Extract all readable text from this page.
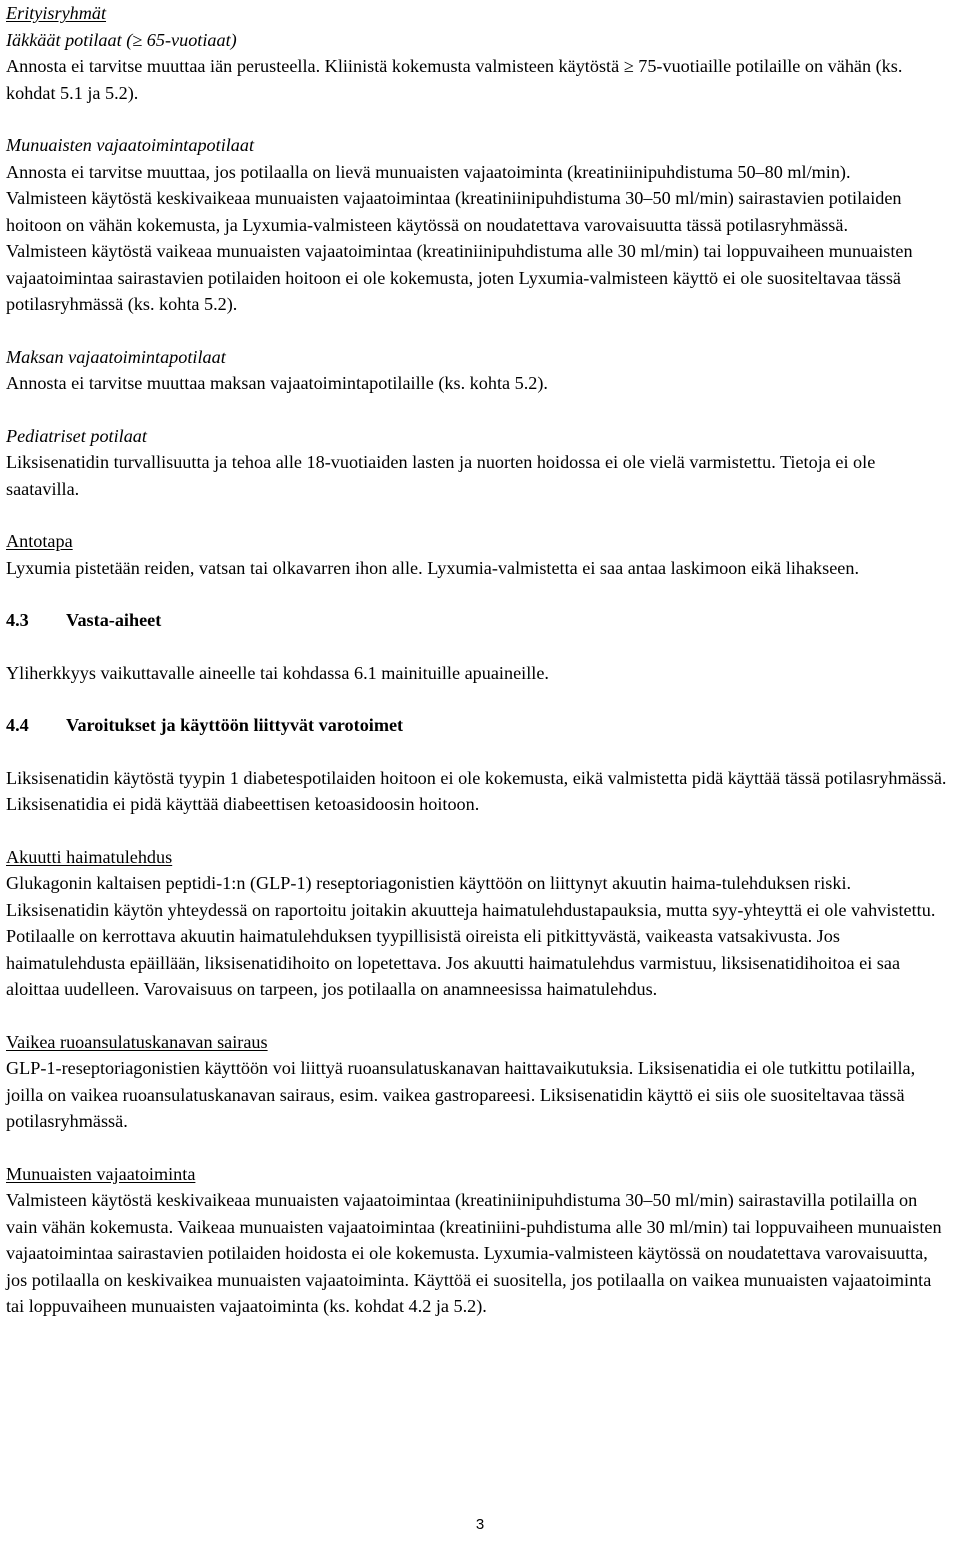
Erityisryhmät

Iäkkäät potilaat (≥ 65-vuotiaat)

Annosta ei tarvitse muuttaa iän perusteella. Kliinistä kokemusta valmisteen käytöstä ≥ 75-vuotiaille potilaille on vähän (ks. kohdat 5.1 ja 5.2).

Munuaisten vajaatoimintapotilaat

Annosta ei tarvitse muuttaa, jos potilaalla on lievä munuaisten vajaatoiminta (kreatiniinipuhdistuma 50‒80 ml/min).

Valmisteen käytöstä keskivaikeaa munuaisten vajaatoimintaa (kreatiniinipuhdistuma 30‒50 ml/min) sairastavien potilaiden hoitoon on vähän kokemusta, ja Lyxumia-valmisteen käytössä on noudatettava varovaisuutta tässä potilasryhmässä.

Valmisteen käytöstä vaikeaa munuaisten vajaatoimintaa (kreatiniinipuhdistuma alle 30 ml/min) tai loppuvaiheen munuaisten vajaatoimintaa sairastavien potilaiden hoitoon ei ole kokemusta, joten Lyxumia-valmisteen käyttö ei ole suositeltavaa tässä potilasryhmässä (ks. kohta 5.2).

Maksan vajaatoimintapotilaat

Annosta ei tarvitse muuttaa maksan vajaatoimintapotilaille (ks. kohta 5.2).

Pediatriset potilaat

Liksisenatidin turvallisuutta ja tehoa alle 18-vuotiaiden lasten ja nuorten hoidossa ei ole vielä varmistettu. Tietoja ei ole saatavilla.

Antotapa

Lyxumia pistetään reiden, vatsan tai olkavarren ihon alle. Lyxumia-valmistetta ei saa antaa laskimoon eikä lihakseen.

4.3	Vasta-aiheet

Yliherkkyys vaikuttavalle aineelle tai kohdassa 6.1 mainituille apuaineille.

4.4	Varoitukset ja käyttöön liittyvät varotoimet

Liksisenatidin käytöstä tyypin 1 diabetespotilaiden hoitoon ei ole kokemusta, eikä valmistetta pidä käyttää tässä potilasryhmässä. Liksisenatidia ei pidä käyttää diabeettisen ketoasidoosin hoitoon.

Akuutti haimatulehdus

Glukagonin kaltaisen peptidi-1:n (GLP-1) reseptoriagonistien käyttöön on liittynyt akuutin haima-tulehduksen riski. Liksisenatidin käytön yhteydessä on raportoitu joitakin akuutteja haimatulehdustapauksia, mutta syy-yhteyttä ei ole vahvistettu. Potilaalle on kerrottava akuutin haimatulehduksen tyypillisistä oireista eli pitkittyvästä, vaikeasta vatsakivusta. Jos haimatulehdusta epäillään, liksisenatidihoito on lopetettava. Jos akuutti haimatulehdus varmistuu, liksisenatidihoitoa ei saa aloittaa uudelleen. Varovaisuus on tarpeen, jos potilaalla on anamneesissa haimatulehdus.

Vaikea ruoansulatuskanavan sairaus

GLP-1-reseptoriagonistien käyttöön voi liittyä ruoansulatuskanavan haittavaikutuksia. Liksisenatidia ei ole tutkittu potilailla, joilla on vaikea ruoansulatuskanavan sairaus, esim. vaikea gastropareesi. Liksisenatidin käyttö ei siis ole suositeltavaa tässä potilasryhmässä.

Munuaisten vajaatoiminta

Valmisteen käytöstä keskivaikeaa munuaisten vajaatoimintaa (kreatiniinipuhdistuma 30‒50 ml/min) sairastavilla potilailla on vain vähän kokemusta. Vaikeaa munuaisten vajaatoimintaa (kreatiniini-puhdistuma alle 30 ml/min) tai loppuvaiheen munuaisten vajaatoimintaa sairastavien potilaiden hoidosta ei ole kokemusta. Lyxumia-valmisteen käytössä on noudatettava varovaisuutta, jos potilaalla on keskivaikea munuaisten vajaatoiminta. Käyttöä ei suositella, jos potilaalla on vaikea munuaisten vajaatoiminta tai loppuvaiheen munuaisten vajaatoiminta (ks. kohdat 4.2 ja 5.2).

3
